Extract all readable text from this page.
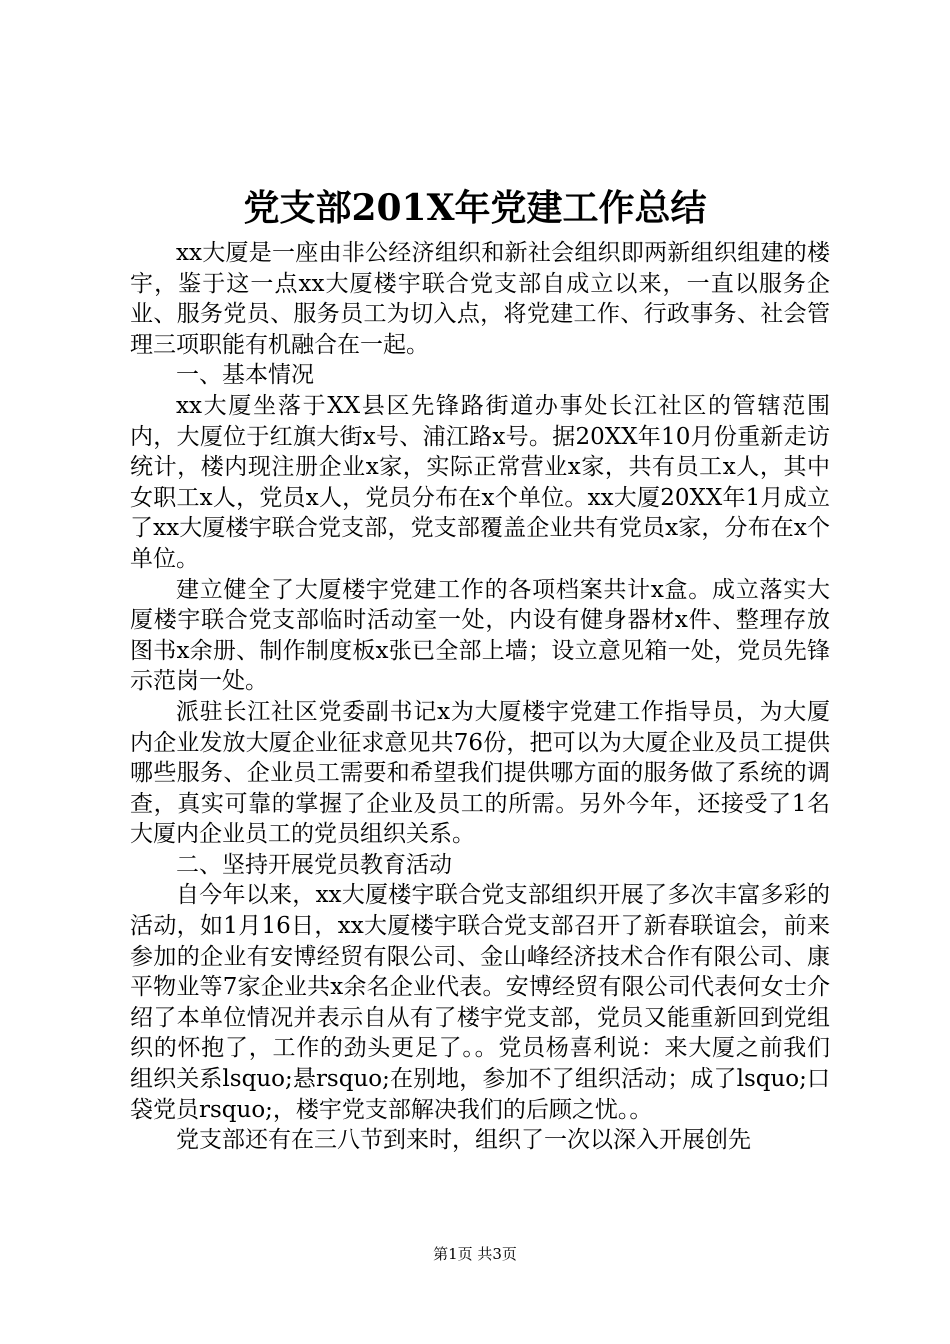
党支部201X年党建工作总结

xx大厦是一座由非公经济组织和新社会组织即两新组织组建的楼宇，鉴于这一点xx大厦楼宇联合党支部自成立以来，一直以服务企业、服务党员、服务员工为切入点，将党建工作、行政事务、社会管理三项职能有机融合在一起。

一、基本情况

xx大厦坐落于XX县区先锋路街道办事处长江社区的管辖范围内，大厦位于红旗大街x号、浦江路x号。据20XX年10月份重新走访统计，楼内现注册企业x家，实际正常营业x家，共有员工x人，其中女职工x人，党员x人，党员分布在x个单位。xx大厦20XX年1月成立了xx大厦楼宇联合党支部，党支部覆盖企业共有党员x家，分布在x个单位。

建立健全了大厦楼宇党建工作的各项档案共计x盒。成立落实大厦楼宇联合党支部临时活动室一处，内设有健身器材x件、整理存放图书x余册、制作制度板x张已全部上墙；设立意见箱一处，党员先锋示范岗一处。

派驻长江社区党委副书记x为大厦楼宇党建工作指导员，为大厦内企业发放大厦企业征求意见共76份，把可以为大厦企业及员工提供哪些服务、企业员工需要和希望我们提供哪方面的服务做了系统的调查，真实可靠的掌握了企业及员工的所需。另外今年，还接受了1名大厦内企业员工的党员组织关系。

二、坚持开展党员教育活动

自今年以来，xx大厦楼宇联合党支部组织开展了多次丰富多彩的活动，如1月16日，xx大厦楼宇联合党支部召开了新春联谊会，前来参加的企业有安博经贸有限公司、金山峰经济技术合作有限公司、康平物业等7家企业共x余名企业代表。安博经贸有限公司代表何女士介绍了本单位情况并表示自从有了楼宇党支部，党员又能重新回到党组织的怀抱了，工作的劲头更足了。。党员杨喜利说：来大厦之前我们组织关系lsquo;悬rsquo;在别地，参加不了组织活动；成了lsquo;口袋党员rsquo;，楼宇党支部解决我们的后顾之忧。。

党支部还有在三八节到来时，组织了一次以深入开展创先

第1页 共3页
